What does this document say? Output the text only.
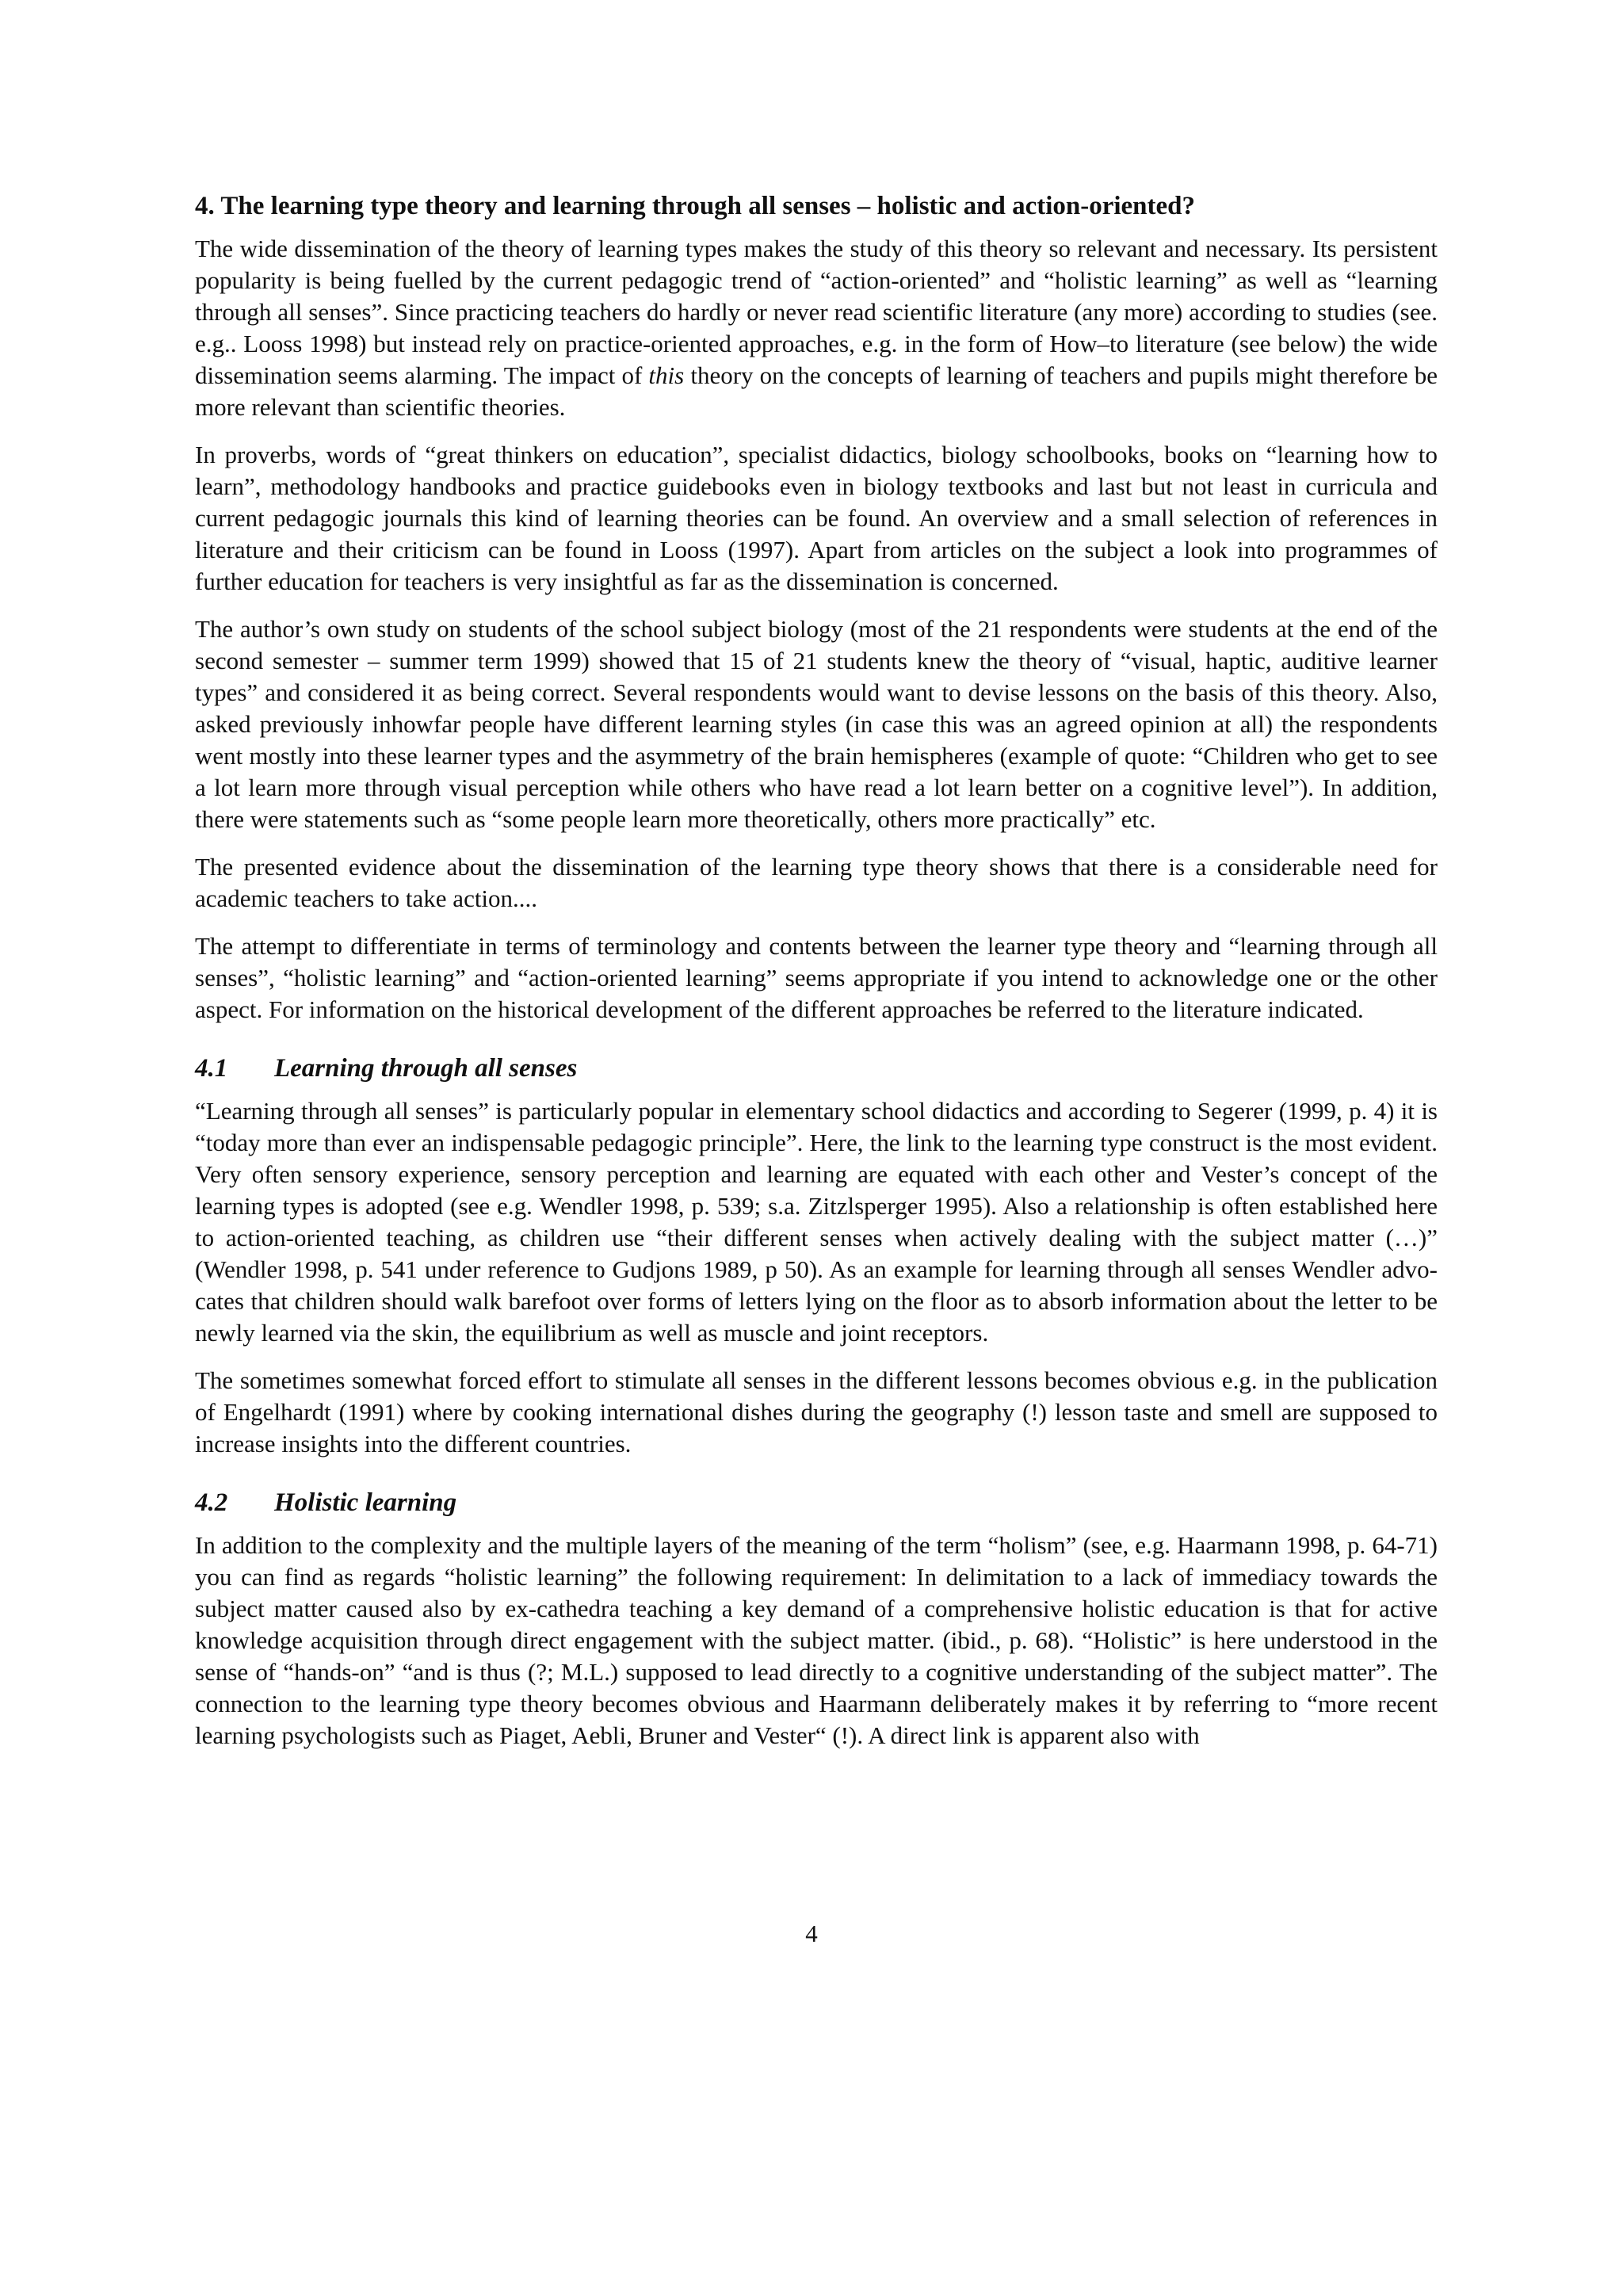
4. The learning type theory and learning through all senses – holistic and action-oriented?

The wide dissemination of the theory of learning types makes the study of this theory so relevant and necessary. Its persistent popularity is being fuelled by the current pedagogic trend of “action-oriented” and “holistic learning” as well as “learning through all senses”. Since practicing teachers do hardly or never read scientific literature (any more) according to studies (see. e.g.. Looss 1998) but instead rely on practice-oriented approaches, e.g. in the form of How–to literature (see below) the wide dissemination seems alarming. The impact of this theory on the concepts of learning of teachers and pupils might therefore be more relevant than scientific theories.

In proverbs, words of “great thinkers on education”, specialist didactics, biology schoolbooks, books on “learning how to learn”, methodology handbooks and practice guidebooks even in biology textbooks and last but not least in curricula and current pedagogic journals this kind of learning theories can be found. An overview and a small selection of references in literature and their criticism can be found in Looss (1997). Apart from articles on the subject a look into programmes of further education for teachers is very insightful as far as the dissemination is concerned.

The author’s own study on students of the school subject biology (most of the 21 respondents were students at the end of the second semester – summer term 1999) showed that 15 of 21 students knew the theory of “visual, haptic, auditive learner types” and considered it as being correct. Several respondents would want to devise lessons on the basis of this theory. Also, asked previously inhowfar people have different learning styles (in case this was an agreed opinion at all) the respondents went mostly into these learner types and the asymmetry of the brain hemispheres (example of quote: “Children who get to see a lot learn more through visual perception while others who have read a lot learn better on a cognitive level”). In addition, there were statements such as “some people learn more theoretically, others more practically” etc.

The presented evidence about the dissemination of the learning type theory shows that there is a considerable need for academic teachers to take action....

The attempt to differentiate in terms of terminology and contents between the learner type theory and “learning through all senses”, “holistic learning” and “action-oriented learning” seems appropriate if you intend to acknowledge one or the other aspect. For information on the historical development of the different approaches be referred to the literature indicated.

4.1 Learning through all senses

“Learning through all senses” is particularly popular in elementary school didactics and according to Segerer (1999, p. 4) it is “today more than ever an indispensable pedagogic principle”. Here, the link to the learning type construct is the most evident. Very often sensory experience, sensory perception and learning are equated with each other and Vester’s concept of the learning types is adopted (see e.g. Wendler 1998, p. 539; s.a. Zitzlsperger 1995). Also a relationship is often established here to action-oriented teaching, as children use “their different senses when actively dealing with the subject matter (…)” (Wendler 1998, p. 541 under reference to Gudjons 1989, p 50). As an example for learning through all senses Wendler advocates that children should walk barefoot over forms of letters lying on the floor as to absorb information about the letter to be newly learned via the skin, the equilibrium as well as muscle and joint receptors.

The sometimes somewhat forced effort to stimulate all senses in the different lessons becomes obvious e.g. in the publication of Engelhardt (1991) where by cooking international dishes during the geography (!) lesson taste and smell are supposed to increase insights into the different countries.

4.2 Holistic learning

In addition to the complexity and the multiple layers of the meaning of the term “holism” (see, e.g. Haarmann 1998, p. 64-71) you can find as regards “holistic learning” the following requirement: In delimitation to a lack of immediacy towards the subject matter caused also by ex-cathedra teaching a key demand of a comprehensive holistic education is that for active knowledge acquisition through direct engagement with the subject matter. (ibid., p. 68). “Holistic” is here understood in the sense of “hands-on” “and is thus (?; M.L.) supposed to lead directly to a cognitive understanding of the subject matter”. The connection to the learning type theory becomes obvious and Haarmann deliberately makes it by referring to “more recent learning psychologists such as Piaget, Aebli, Bruner and Vester“ (!). A direct link is apparent also with

4
